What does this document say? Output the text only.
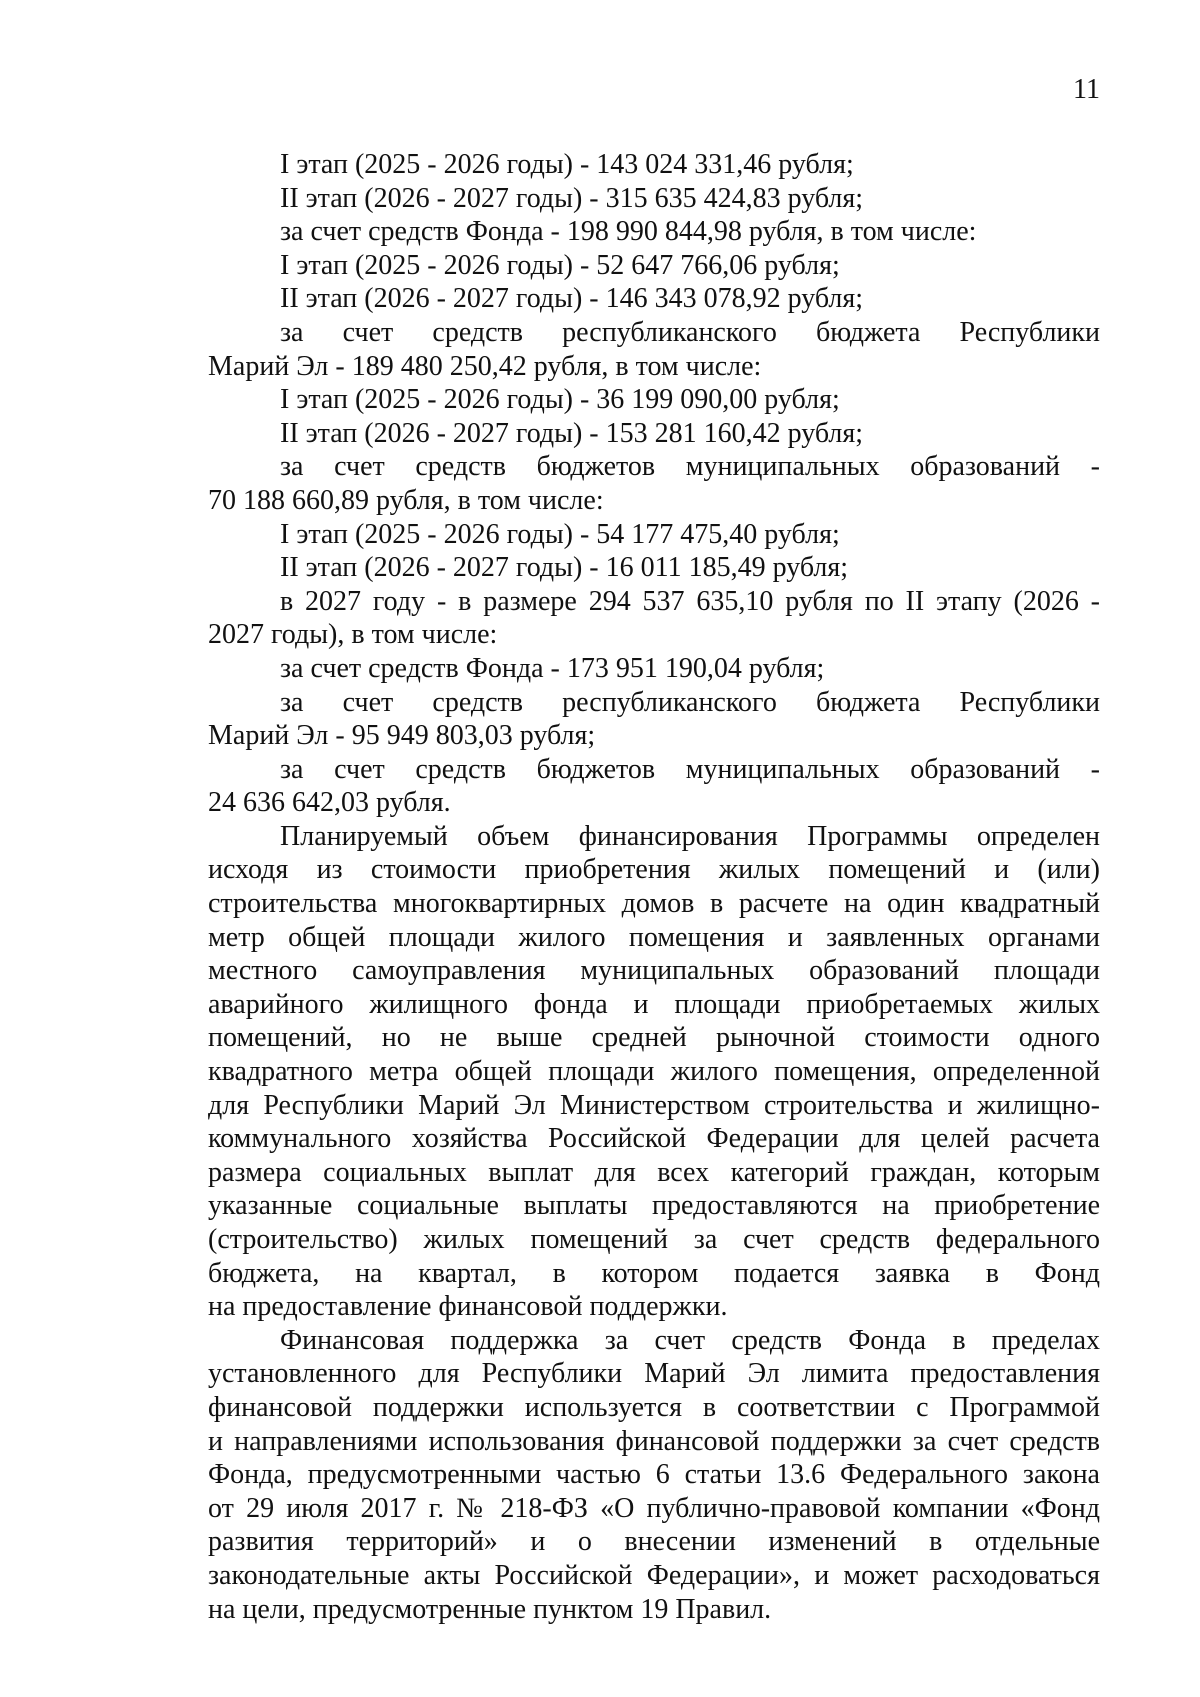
11
I этап (2025 - 2026 годы) - 143 024 331,46 рубля;
II этап (2026 - 2027 годы) - 315 635 424,83 рубля;
за счет средств Фонда - 198 990 844,98 рубля, в том числе:
I этап (2025 - 2026 годы) - 52 647 766,06 рубля;
II этап (2026 - 2027 годы) - 146 343 078,92 рубля;
за счет средств республиканского бюджета Республики
Марий Эл - 189 480 250,42 рубля, в том числе:
I этап (2025 - 2026 годы) - 36 199 090,00 рубля;
II этап (2026 - 2027 годы) - 153 281 160,42 рубля;
за счет средств бюджетов муниципальных образований -
70 188 660,89 рубля, в том числе:
I этап (2025 - 2026 годы) - 54 177 475,40 рубля;
II этап (2026 - 2027 годы) - 16 011 185,49 рубля;
в 2027 году - в размере 294 537 635,10 рубля по II этапу (2026 -
2027 годы), в том числе:
за счет средств Фонда - 173 951 190,04 рубля;
за счет средств республиканского бюджета Республики
Марий Эл - 95 949 803,03 рубля;
за счет средств бюджетов муниципальных образований -
24 636 642,03 рубля.
Планируемый объем финансирования Программы определен
исходя из стоимости приобретения жилых помещений и (или)
строительства многоквартирных домов в расчете на один квадратный
метр общей площади жилого помещения и заявленных органами
местного самоуправления муниципальных образований площади
аварийного жилищного фонда и площади приобретаемых жилых
помещений, но не выше средней рыночной стоимости одного
квадратного метра общей площади жилого помещения, определенной
для Республики Марий Эл Министерством строительства и жилищно-
коммунального хозяйства Российской Федерации для целей расчета
размера социальных выплат для всех категорий граждан, которым
указанные социальные выплаты предоставляются на приобретение
(строительство) жилых помещений за счет средств федерального
бюджета, на квартал, в котором подается заявка в Фонд
на предоставление финансовой поддержки.
Финансовая поддержка за счет средств Фонда в пределах
установленного для Республики Марий Эл лимита предоставления
финансовой поддержки используется в соответствии с Программой
и направлениями использования финансовой поддержки за счет средств
Фонда, предусмотренными частью 6 статьи 13.6 Федерального закона
от 29 июля 2017 г. № 218-ФЗ «О публично-правовой компании «Фонд
развития территорий» и о внесении изменений в отдельные
законодательные акты Российской Федерации», и может расходоваться
на цели, предусмотренные пунктом 19 Правил.
